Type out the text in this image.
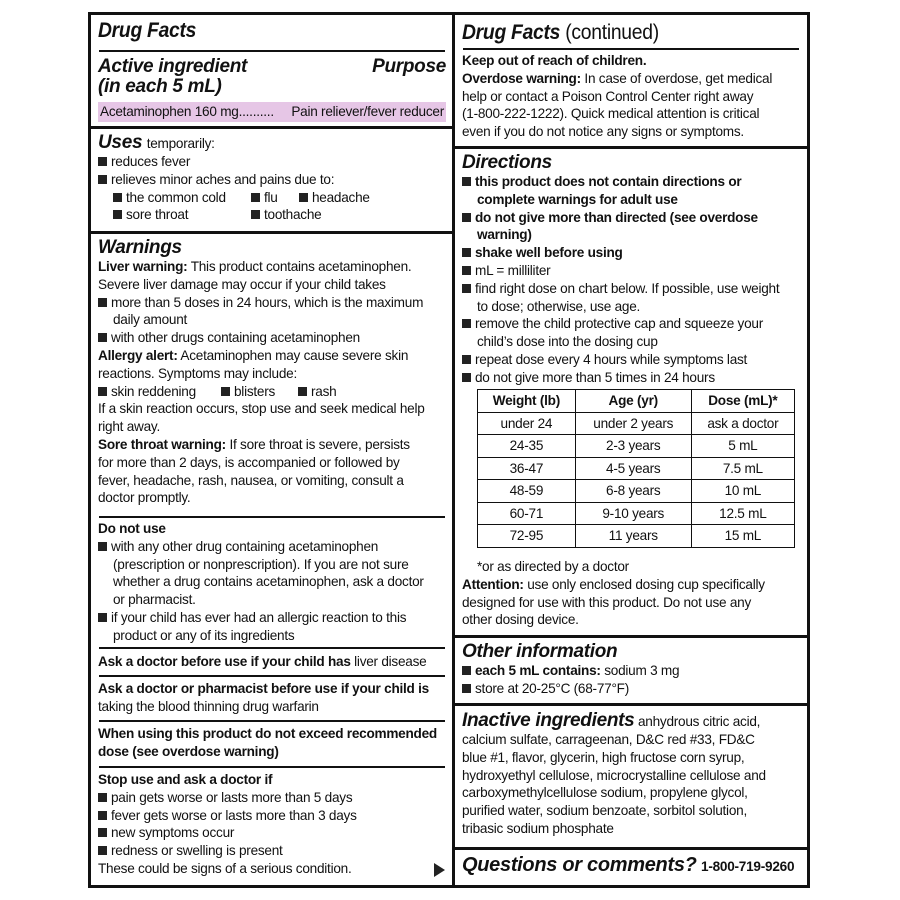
Drug Facts
Active ingredient
(in each 5 mL)
Purpose
Acetaminophen 160 mg.......... Pain reliever/fever reducer
Uses temporarily:
reduces fever
relieves minor aches and pains due to:
the common cold	flu	headache
sore throat	toothache
Warnings
Liver warning: This product contains acetaminophen.
Severe liver damage may occur if your child takes
more than 5 doses in 24 hours, which is the maximum
daily amount
with other drugs containing acetaminophen
Allergy alert: Acetaminophen may cause severe skin
reactions. Symptoms may include:
skin reddening	blisters	rash
If a skin reaction occurs, stop use and seek medical help
right away.
Sore throat warning: If sore throat is severe, persists
for more than 2 days, is accompanied or followed by
fever, headache, rash, nausea, or vomiting, consult a
doctor promptly.
Do not use
with any other drug containing acetaminophen
(prescription or nonprescription). If you are not sure
whether a drug contains acetaminophen, ask a doctor
or pharmacist.
if your child has ever had an allergic reaction to this
product or any of its ingredients
Ask a doctor before use if your child has liver disease
Ask a doctor or pharmacist before use if your child is
taking the blood thinning drug warfarin
When using this product do not exceed recommended
dose (see overdose warning)
Stop use and ask a doctor if
pain gets worse or lasts more than 5 days
fever gets worse or lasts more than 3 days
new symptoms occur
redness or swelling is present
These could be signs of a serious condition.
Drug Facts (continued)
Keep out of reach of children.
Overdose warning: In case of overdose, get medical
help or contact a Poison Control Center right away
(1-800-222-1222). Quick medical attention is critical
even if you do not notice any signs or symptoms.
Directions
this product does not contain directions or
complete warnings for adult use
do not give more than directed (see overdose
warning)
shake well before using
mL = milliliter
find right dose on chart below. If possible, use weight
to dose; otherwise, use age.
remove the child protective cap and squeeze your
child’s dose into the dosing cup
repeat dose every 4 hours while symptoms last
do not give more than 5 times in 24 hours
Weight (lb)	Age (yr)	Dose (mL)*
under 24	under 2 years	ask a doctor
24-35	2-3 years	5 mL
36-47	4-5 years	7.5 mL
48-59	6-8 years	10 mL
60-71	9-10 years	12.5 mL
72-95	11 years	15 mL
*or as directed by a doctor
Attention: use only enclosed dosing cup specifically
designed for use with this product. Do not use any
other dosing device.
Other information
each 5 mL contains: sodium 3 mg
store at 20-25°C (68-77°F)
Inactive ingredients anhydrous citric acid,
calcium sulfate, carrageenan, D&C red #33, FD&C
blue #1, flavor, glycerin, high fructose corn syrup,
hydroxyethyl cellulose, microcrystalline cellulose and
carboxymethylcellulose sodium, propylene glycol,
purified water, sodium benzoate, sorbitol solution,
tribasic sodium phosphate
Questions or comments? 1-800-719-9260
